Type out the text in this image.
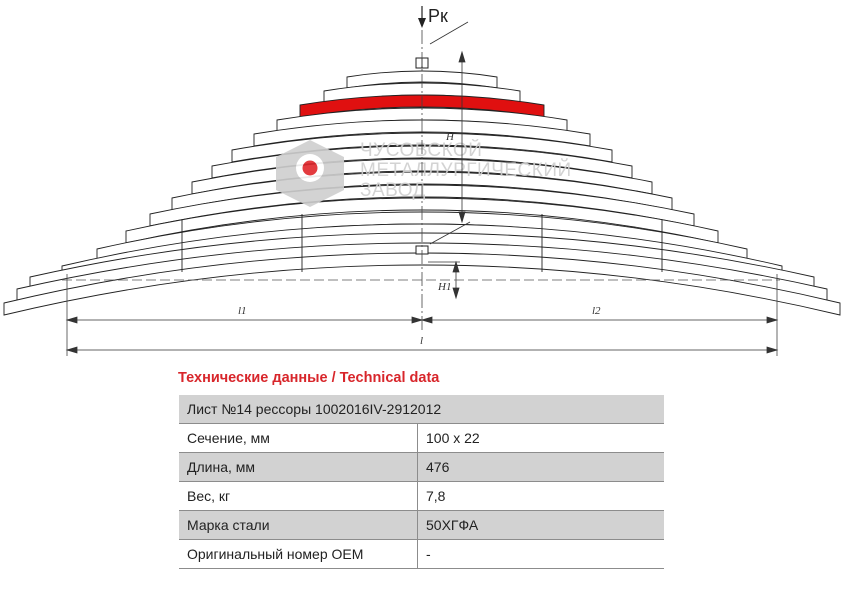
ЧУСОВСКОЙ
МЕТАЛЛУРГИЧЕСКИЙ
ЗАВОД
Pк
H
H1
l1	l2
l
Технические данные / Technical data
Лист №14 рессоры 1002016IV-2912012	
Сечение, мм	100 x 22
Длина, мм	476
Вес, кг	7,8
Марка стали	50ХГФА
Оригинальный номер OEM	-
